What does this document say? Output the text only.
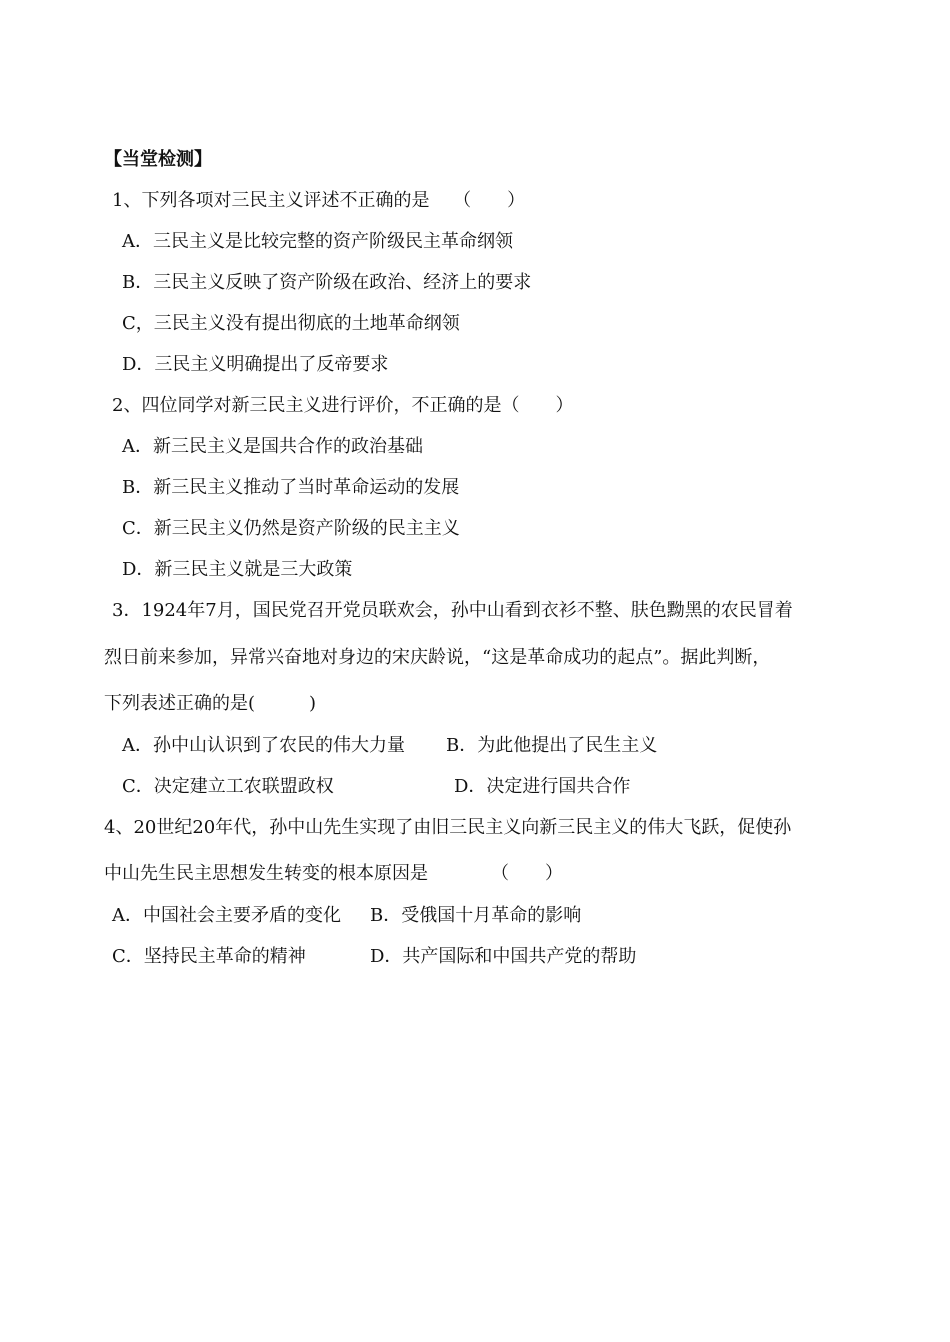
【当堂检测】
1、下列各项对三民主义评述不正确的是　 （　　）
A．三民主义是比较完整的资产阶级民主革命纲领
B．三民主义反映了资产阶级在政治、经济上的要求
C，三民主义没有提出彻底的土地革命纲领
D．三民主义明确提出了反帝要求
2、四位同学对新三民主义进行评价，不正确的是（　　）
A．新三民主义是国共合作的政治基础
B．新三民主义推动了当时革命运动的发展
C．新三民主义仍然是资产阶级的民主主义
D．新三民主义就是三大政策
3．1924年7月，国民党召开党员联欢会，孙中山看到衣衫不整、肤色黝黑的农民冒着
烈日前来参加，异常兴奋地对身边的宋庆龄说，“这是革命成功的起点”。据此判断，
下列表述正确的是(　　　)
A．孙中山认识到了农民的伟大力量 B．为此他提出了民生主义
C．决定建立工农联盟政权	D．决定进行国共合作
4、20世纪20年代，孙中山先生实现了由旧三民主义向新三民主义的伟大飞跃，促使孙
中山先生民主思想发生转变的根本原因是　　　　（　　）
A．中国社会主要矛盾的变化 B．受俄国十月革命的影响
C．坚持民主革命的精神	D．共产国际和中国共产党的帮助
